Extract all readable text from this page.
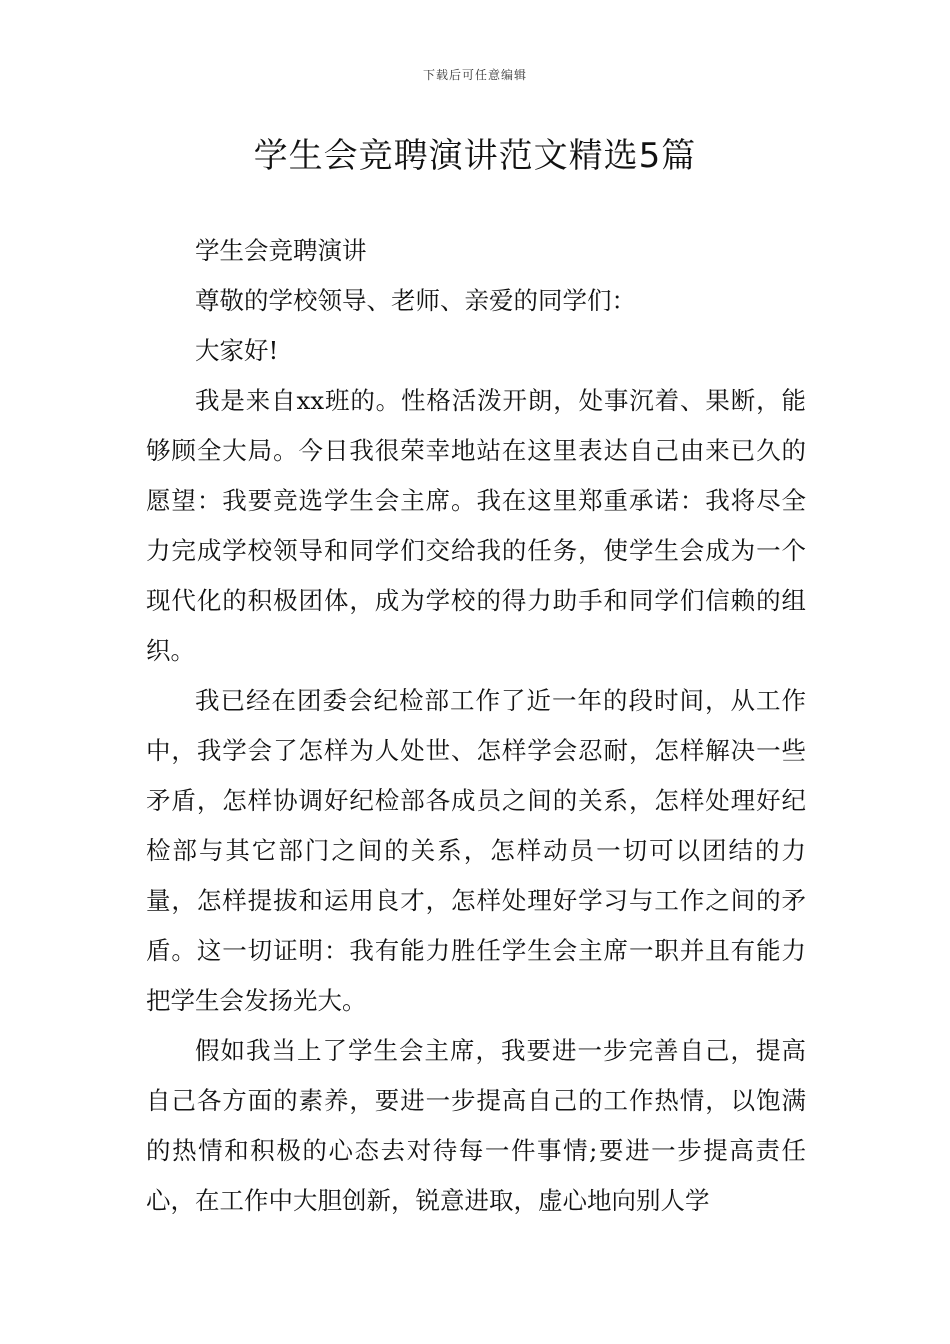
下载后可任意编辑
学生会竞聘演讲范文精选5篇

学生会竞聘演讲

尊敬的学校领导、老师、亲爱的同学们：

大家好!

我是来自xx班的。性格活泼开朗，处事沉着、果断，能够顾全大局。今日我很荣幸地站在这里表达自己由来已久的愿望：我要竞选学生会主席。我在这里郑重承诺：我将尽全力完成学校领导和同学们交给我的任务，使学生会成为一个现代化的积极团体，成为学校的得力助手和同学们信赖的组织。

我已经在团委会纪检部工作了近一年的段时间，从工作中，我学会了怎样为人处世、怎样学会忍耐，怎样解决一些矛盾，怎样协调好纪检部各成员之间的关系，怎样处理好纪检部与其它部门之间的关系，怎样动员一切可以团结的力量，怎样提拔和运用良才，怎样处理好学习与工作之间的矛盾。这一切证明：我有能力胜任学生会主席一职并且有能力把学生会发扬光大。

假如我当上了学生会主席，我要进一步完善自己，提高自己各方面的素养，要进一步提高自己的工作热情，以饱满的热情和积极的心态去对待每一件事情;要进一步提高责任心，在工作中大胆创新，锐意进取，虚心地向别人学
